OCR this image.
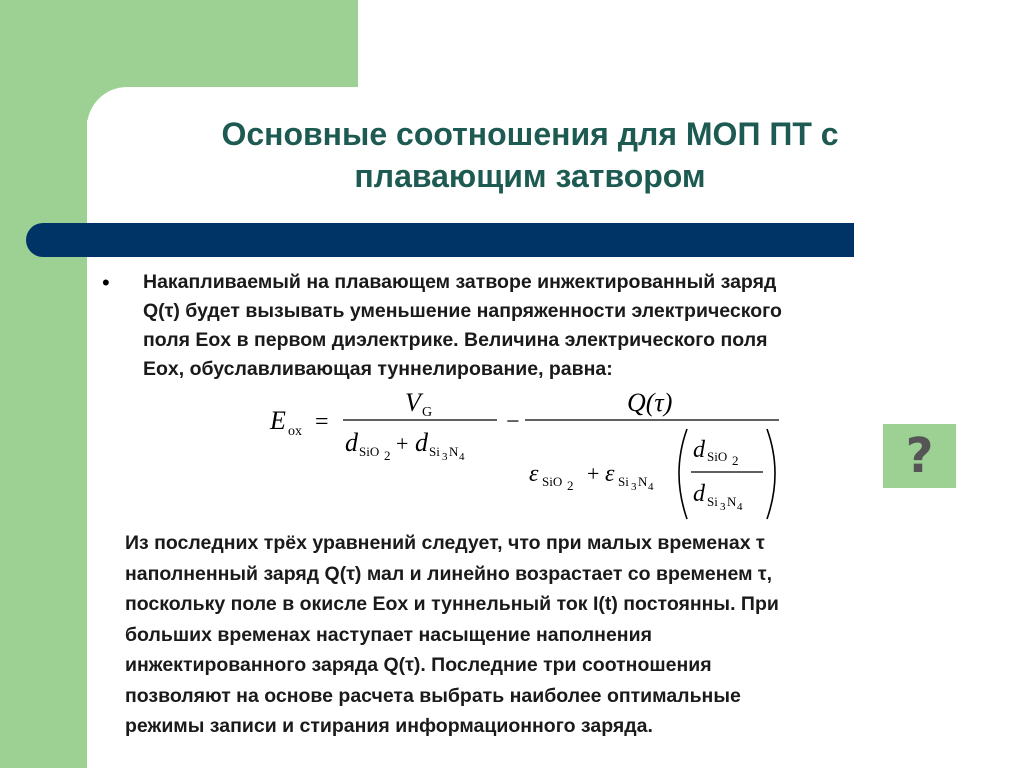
Основные соотношения для МОП ПТ с
плавающим затвором
• Накапливаемый на плавающем затворе инжектированный заряд
Q(τ) будет вызывать уменьшение напряженности электрического
поля Eox в первом диэлектрике. Величина электрического поля
Eox, обуславливающая туннелирование, равна:
E ox =
V G
d SiO 2 + d Si 3 N 4
−
Q(τ)
ε SiO 2 + ε Si 3 N 4
d SiO 2
d Si 3 N 4
?
Из последних трёх уравнений следует, что при малых временах τ
наполненный заряд Q(τ) мал и линейно возрастает со временем τ,
поскольку поле в окисле Eox и туннельный ток I(t) постоянны. При
больших временах наступает насыщение наполнения
инжектированного заряда Q(τ). Последние три соотношения
позволяют на основе расчета выбрать наиболее оптимальные
режимы записи и стирания информационного заряда.
